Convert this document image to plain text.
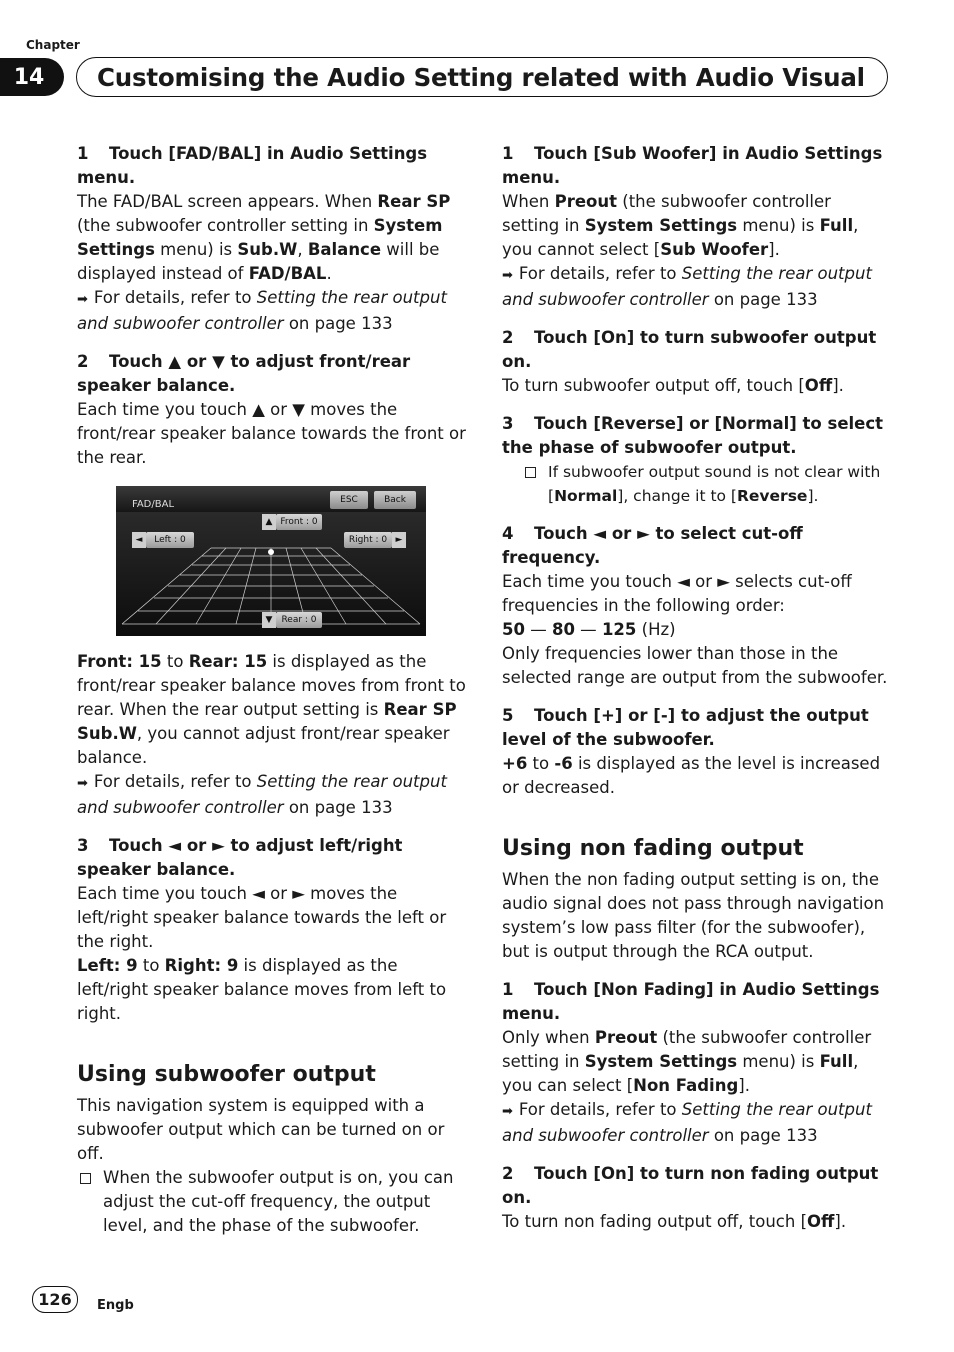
Chapter
14	Customising the Audio Setting related with Audio Visual
1 Touch [FAD/BAL] in Audio Settings menu.
The FAD/BAL screen appears. When Rear SP (the subwoofer controller setting in System Settings menu) is Sub.W, Balance will be displayed instead of FAD/BAL.
➡ For details, refer to Setting the rear output and subwoofer controller on page 133
2 Touch ▲ or ▼ to adjust front/rear speaker balance.
Each time you touch ▲ or ▼ moves the front/rear speaker balance towards the front or the rear.
FAD/BAL	ESC	Back
▲ Front : 0
◄	Left : 0	Right : 0 ►
▼	Rear : 0
Front: 15 to Rear: 15 is displayed as the front/rear speaker balance moves from front to rear. When the rear output setting is Rear SP Sub.W, you cannot adjust front/rear speaker balance.
➡ For details, refer to Setting the rear output and subwoofer controller on page 133
3 Touch ◄ or ► to adjust left/right speaker balance.
Each time you touch ◄ or ► moves the left/right speaker balance towards the left or the right.
Left: 9 to Right: 9 is displayed as the left/right speaker balance moves from left to right.
Using subwoofer output
This navigation system is equipped with a subwoofer output which can be turned on or off.
When the subwoofer output is on, you can adjust the cut-off frequency, the output level, and the phase of the subwoofer.
1 Touch [Sub Woofer] in Audio Settings menu.
When Preout (the subwoofer controller setting in System Settings menu) is Full, you cannot select [Sub Woofer].
➡ For details, refer to Setting the rear output and subwoofer controller on page 133
2 Touch [On] to turn subwoofer output on.
To turn subwoofer output off, touch [Off].
3 Touch [Reverse] or [Normal] to select the phase of subwoofer output.
If subwoofer output sound is not clear with [Normal], change it to [Reverse].
4 Touch ◄ or ► to select cut-off frequency.
Each time you touch ◄ or ► selects cut-off frequencies in the following order:
50 — 80 — 125 (Hz)
Only frequencies lower than those in the selected range are output from the subwoofer.
5 Touch [+] or [-] to adjust the output level of the subwoofer.
+6 to -6 is displayed as the level is increased or decreased.
Using non fading output
When the non fading output setting is on, the audio signal does not pass through navigation system’s low pass filter (for the subwoofer), but is output through the RCA output.
1 Touch [Non Fading] in Audio Settings menu.
Only when Preout (the subwoofer controller setting in System Settings menu) is Full, you can select [Non Fading].
➡ For details, refer to Setting the rear output and subwoofer controller on page 133
2 Touch [On] to turn non fading output on.
To turn non fading output off, touch [Off].
126	Engb
